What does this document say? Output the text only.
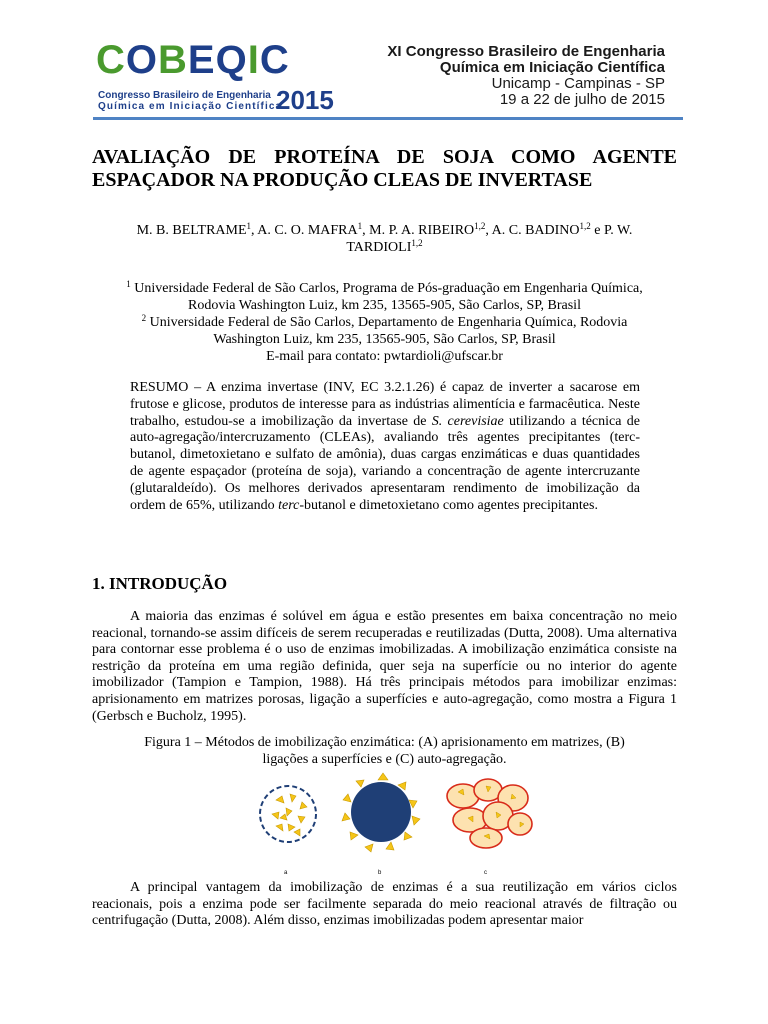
COBEQIC
Congresso Brasileiro de Engenharia
Química em Iniciação Científica
2015
XI Congresso Brasileiro de Engenharia
Química em Iniciação Científica
Unicamp - Campinas - SP
19 a 22 de julho de 2015
AVALIAÇÃO DE PROTEÍNA DE SOJA COMO AGENTE ESPAÇADOR NA PRODUÇÃO CLEAS DE INVERTASE
M. B. BELTRAME$^1$, A. C. O. MAFRA$^1$, M. P. A. RIBEIRO$^{1,2}$, A. C. BADINO$^{1,2}$ e P. W.
TARDIOLI$^{1,2}$
$^1$ Universidade Federal de São Carlos, Programa de Pós-graduação em Engenharia Química,
Rodovia Washington Luiz, km 235, 13565-905, São Carlos, SP, Brasil
$^2$ Universidade Federal de São Carlos, Departamento de Engenharia Química, Rodovia
Washington Luiz, km 235, 13565-905, São Carlos, SP, Brasil
E-mail para contato: pwtardioli@ufscar.br
RESUMO – A enzima invertase (INV, EC 3.2.1.26) é capaz de inverter a sacarose em frutose e glicose, produtos de interesse para as indústrias alimentícia e farmacêutica. Neste trabalho, estudou-se a imobilização da invertase de S. cerevisiae utilizando a técnica de auto-agregação/intercruzamento (CLEAs), avaliando três agentes precipitantes (terc-butanol, dimetoxietano e sulfato de amônia), duas cargas enzimáticas e duas quantidades de agente espaçador (proteína de soja), variando a concentração de agente intercruzante (glutaraldeído). Os melhores derivados apresentaram rendimento de imobilização da ordem de 65%, utilizando terc-butanol e dimetoxietano como agentes precipitantes.
1. INTRODUÇÃO
A maioria das enzimas é solúvel em água e estão presentes em baixa concentração no meio reacional, tornando-se assim difíceis de serem recuperadas e reutilizadas (Dutta, 2008). Uma alternativa para contornar esse problema é o uso de enzimas imobilizadas. A imobilização enzimática consiste na restrição da proteína em uma região definida, quer seja na superfície ou no interior do agente imobilizador (Tampion e Tampion, 1988). Há três principais métodos para imobilizar enzimas: aprisionamento em matrizes porosas, ligação a superfícies e auto-agregação, como mostra a Figura 1 (Gerbsch e Bucholz, 1995).
Figura 1 – Métodos de imobilização enzimática: (A) aprisionamento em matrizes, (B)
ligações a superfícies e (C) auto-agregação.
a	b	c
A principal vantagem da imobilização de enzimas é a sua reutilização em vários ciclos reacionais, pois a enzima pode ser facilmente separada do meio reacional através de filtração ou centrifugação (Dutta, 2008). Além disso, enzimas imobilizadas podem apresentar maior
